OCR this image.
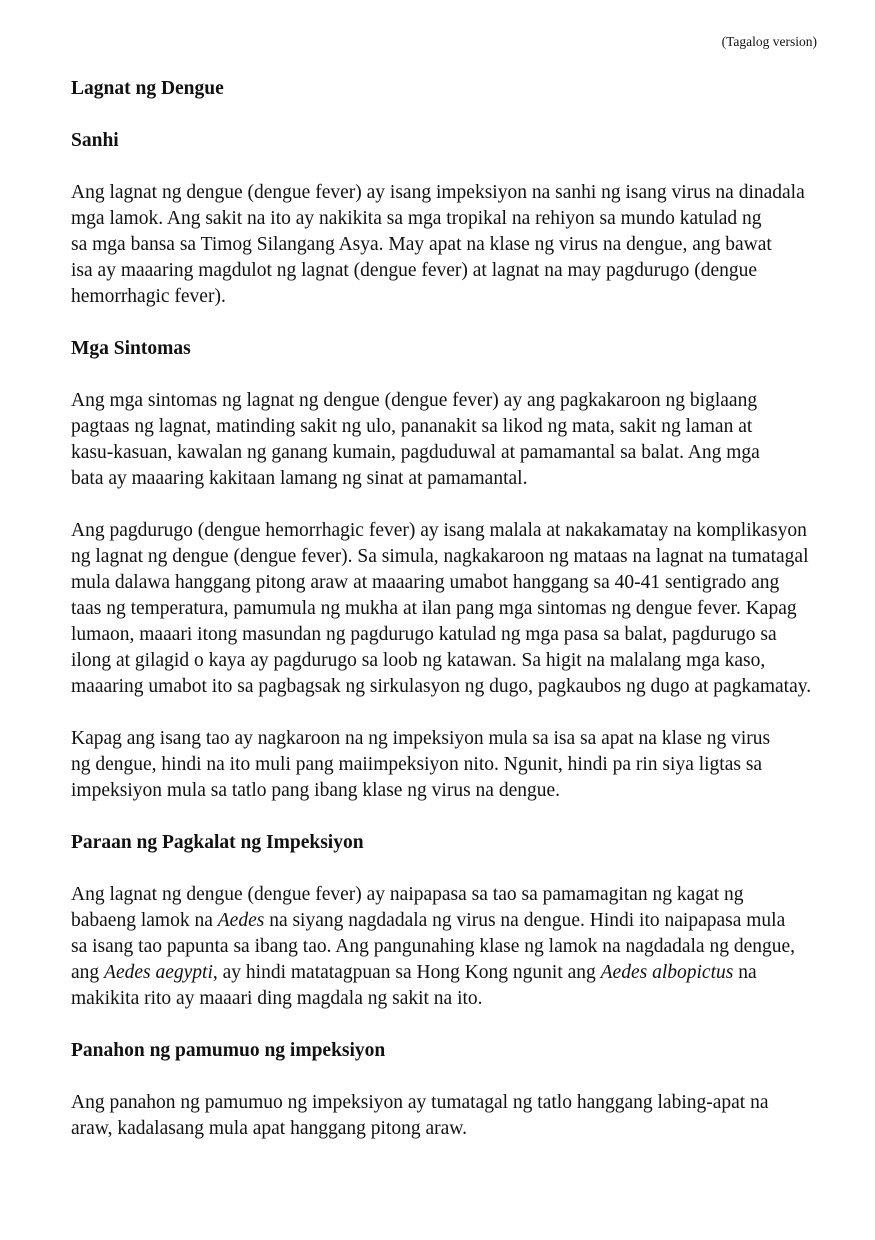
(Tagalog version)
Lagnat ng Dengue
Sanhi

Ang lagnat ng dengue (dengue fever) ay isang impeksiyon na sanhi ng isang virus na dinadala
mga lamok. Ang sakit na ito ay nakikita sa mga tropikal na rehiyon sa mundo katulad ng
sa mga bansa sa Timog Silangang Asya. May apat na klase ng virus na dengue, ang bawat
isa ay maaaring magdulot ng lagnat (dengue fever) at lagnat na may pagdurugo (dengue
hemorrhagic fever).

Mga Sintomas

Ang mga sintomas ng lagnat ng dengue (dengue fever) ay ang pagkakaroon ng biglaang
pagtaas ng lagnat, matinding sakit ng ulo, pananakit sa likod ng mata, sakit ng laman at
kasu-kasuan, kawalan ng ganang kumain, pagduduwal at pamamantal sa balat. Ang mga
bata ay maaaring kakitaan lamang ng sinat at pamamantal.

Ang pagdurugo (dengue hemorrhagic fever) ay isang malala at nakakamatay na komplikasyon
ng lagnat ng dengue (dengue fever). Sa simula, nagkakaroon ng mataas na lagnat na tumatagal
mula dalawa hanggang pitong araw at maaaring umabot hanggang sa 40-41 sentigrado ang
taas ng temperatura, pamumula ng mukha at ilan pang mga sintomas ng dengue fever. Kapag
lumaon, maaari itong masundan ng pagdurugo katulad ng mga pasa sa balat, pagdurugo sa
ilong at gilagid o kaya ay pagdurugo sa loob ng katawan. Sa higit na malalang mga kaso,
maaaring umabot ito sa pagbagsak ng sirkulasyon ng dugo, pagkaubos ng dugo at pagkamatay.

Kapag ang isang tao ay nagkaroon na ng impeksiyon mula sa isa sa apat na klase ng virus
ng dengue, hindi na ito muli pang maiimpeksiyon nito. Ngunit, hindi pa rin siya ligtas sa
impeksiyon mula sa tatlo pang ibang klase ng virus na dengue.

Paraan ng Pagkalat ng Impeksiyon

Ang lagnat ng dengue (dengue fever) ay naipapasa sa tao sa pamamagitan ng kagat ng
babaeng lamok na Aedes na siyang nagdadala ng virus na dengue. Hindi ito naipapasa mula
sa isang tao papunta sa ibang tao. Ang pangunahing klase ng lamok na nagdadala ng dengue,
ang Aedes aegypti, ay hindi matatagpuan sa Hong Kong ngunit ang Aedes albopictus na
makikita rito ay maaari ding magdala ng sakit na ito.

Panahon ng pamumuo ng impeksiyon

Ang panahon ng pamumuo ng impeksiyon ay tumatagal ng tatlo hanggang labing-apat na
araw, kadalasang mula apat hanggang pitong araw.
